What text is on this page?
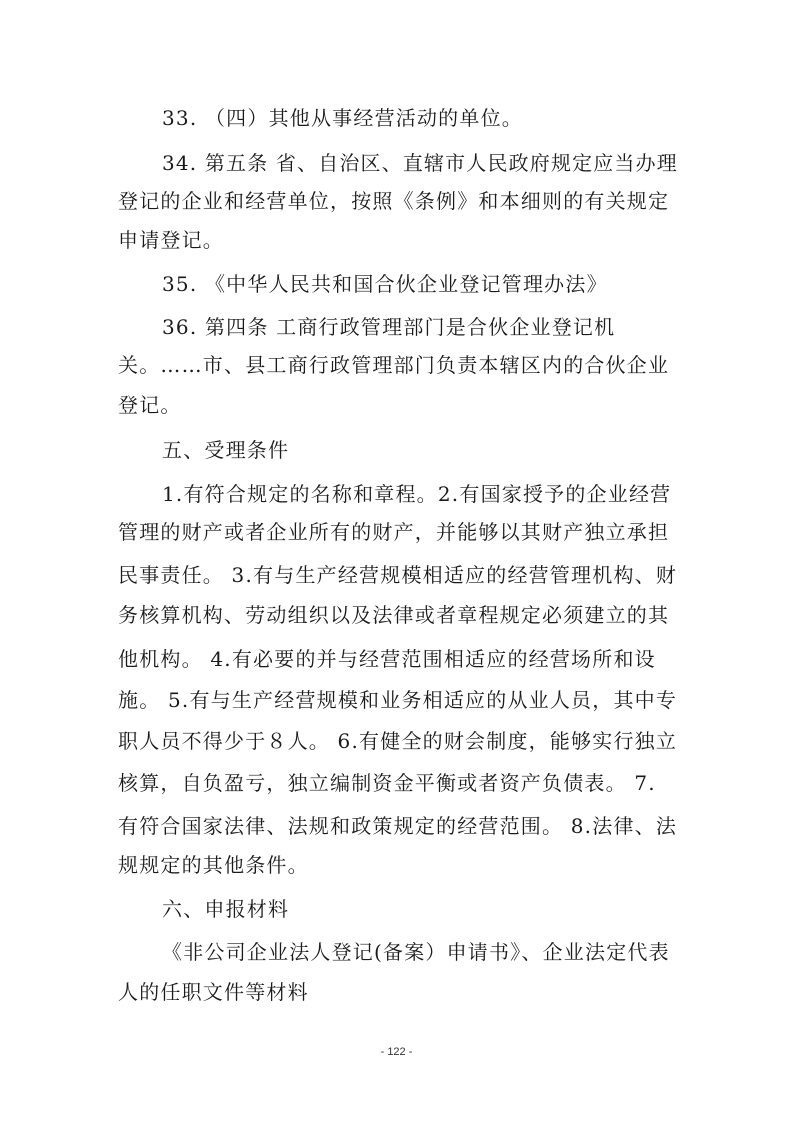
33. （四）其他从事经营活动的单位。
34. 第五条 省、自治区、直辖市人民政府规定应当办理
登记的企业和经营单位，按照《条例》和本细则的有关规定
申请登记。
35. 《中华人民共和国合伙企业登记管理办法》
36. 第四条 工商行政管理部门是合伙企业登记机
关。……市、县工商行政管理部门负责本辖区内的合伙企业
登记。
五、受理条件
1.有符合规定的名称和章程。2.有国家授予的企业经营
管理的财产或者企业所有的财产，并能够以其财产独立承担
民事责任。 3.有与生产经营规模相适应的经营管理机构、财
务核算机构、劳动组织以及法律或者章程规定必须建立的其
他机构。 4.有必要的并与经营范围相适应的经营场所和设
施。 5.有与生产经营规模和业务相适应的从业人员，其中专
职人员不得少于８人。 6.有健全的财会制度，能够实行独立
核算，自负盈亏，独立编制资金平衡或者资产负债表。 7.
有符合国家法律、法规和政策规定的经营范围。 8.法律、法
规规定的其他条件。
六、申报材料
《非公司企业法人登记(备案）申请书》、企业法定代表
人的任职文件等材料
- 122 -
